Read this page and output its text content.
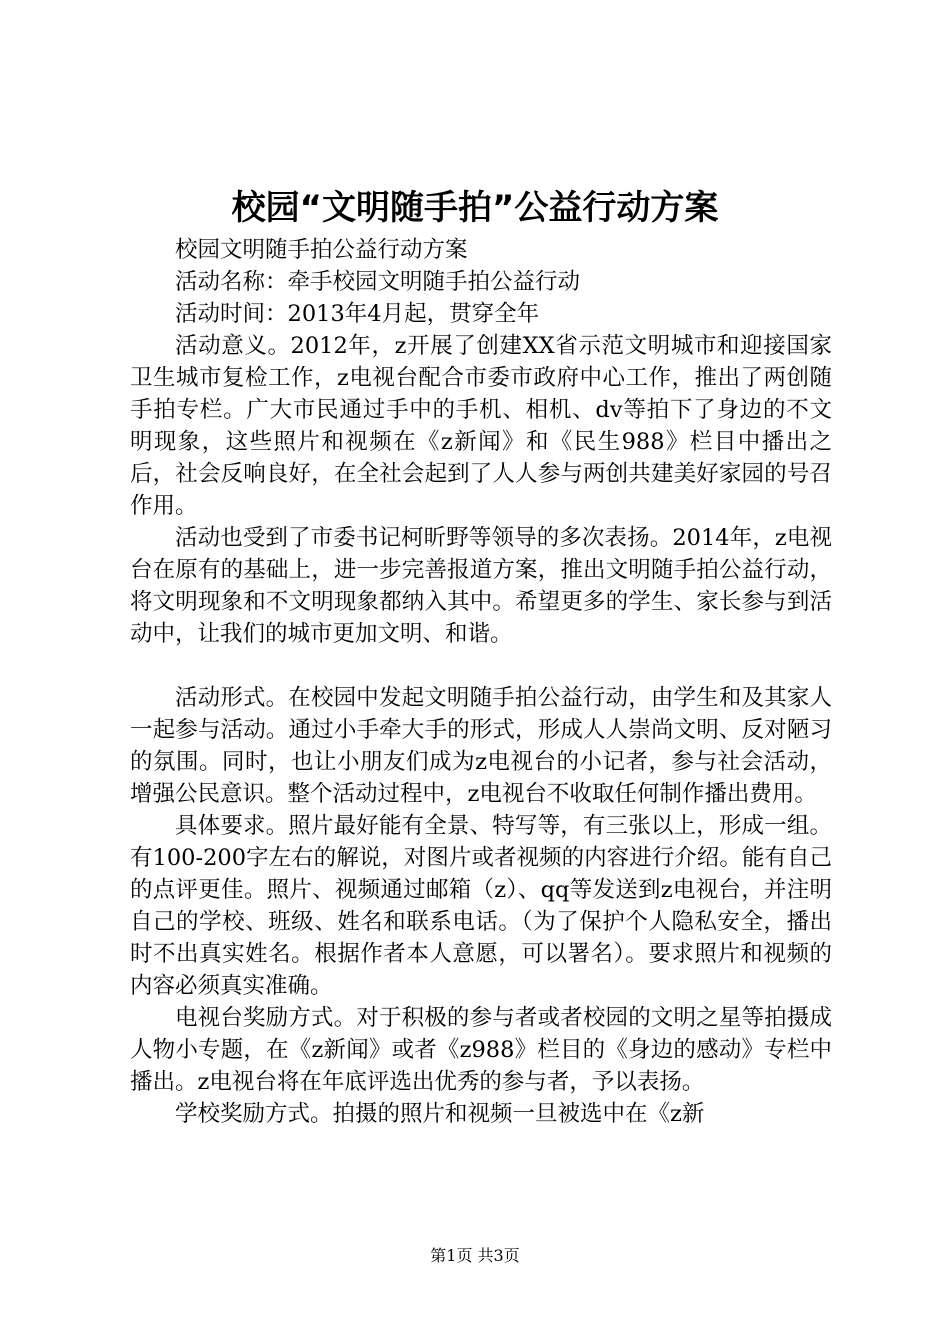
校园“文明随手拍”公益行动方案

校园文明随手拍公益行动方案

活动名称：牵手校园文明随手拍公益行动

活动时间：2013年4月起，贯穿全年

活动意义。2012年，z开展了创建XX省示范文明城市和迎接国家卫生城市复检工作，z电视台配合市委市政府中心工作，推出了两创随手拍专栏。广大市民通过手中的手机、相机、dv等拍下了身边的不文明现象，这些照片和视频在《z新闻》和《民生988》栏目中播出之后，社会反响良好，在全社会起到了人人参与两创共建美好家园的号召作用。

活动也受到了市委书记柯昕野等领导的多次表扬。2014年，z电视台在原有的基础上，进一步完善报道方案，推出文明随手拍公益行动，将文明现象和不文明现象都纳入其中。希望更多的学生、家长参与到活动中，让我们的城市更加文明、和谐。

活动形式。在校园中发起文明随手拍公益行动，由学生和及其家人一起参与活动。通过小手牵大手的形式，形成人人崇尚文明、反对陋习的氛围。同时，也让小朋友们成为z电视台的小记者，参与社会活动，增强公民意识。整个活动过程中，z电视台不收取任何制作播出费用。

具体要求。照片最好能有全景、特写等，有三张以上，形成一组。有100-200字左右的解说，对图片或者视频的内容进行介绍。能有自己的点评更佳。照片、视频通过邮箱（z）、qq等发送到z电视台，并注明自己的学校、班级、姓名和联系电话。（为了保护个人隐私安全，播出时不出真实姓名。根据作者本人意愿，可以署名）。要求照片和视频的内容必须真实准确。

电视台奖励方式。对于积极的参与者或者校园的文明之星等拍摄成人物小专题，在《z新闻》或者《z988》栏目的《身边的感动》专栏中播出。z电视台将在年底评选出优秀的参与者，予以表扬。

学校奖励方式。拍摄的照片和视频一旦被选中在《z新

第1页 共3页
